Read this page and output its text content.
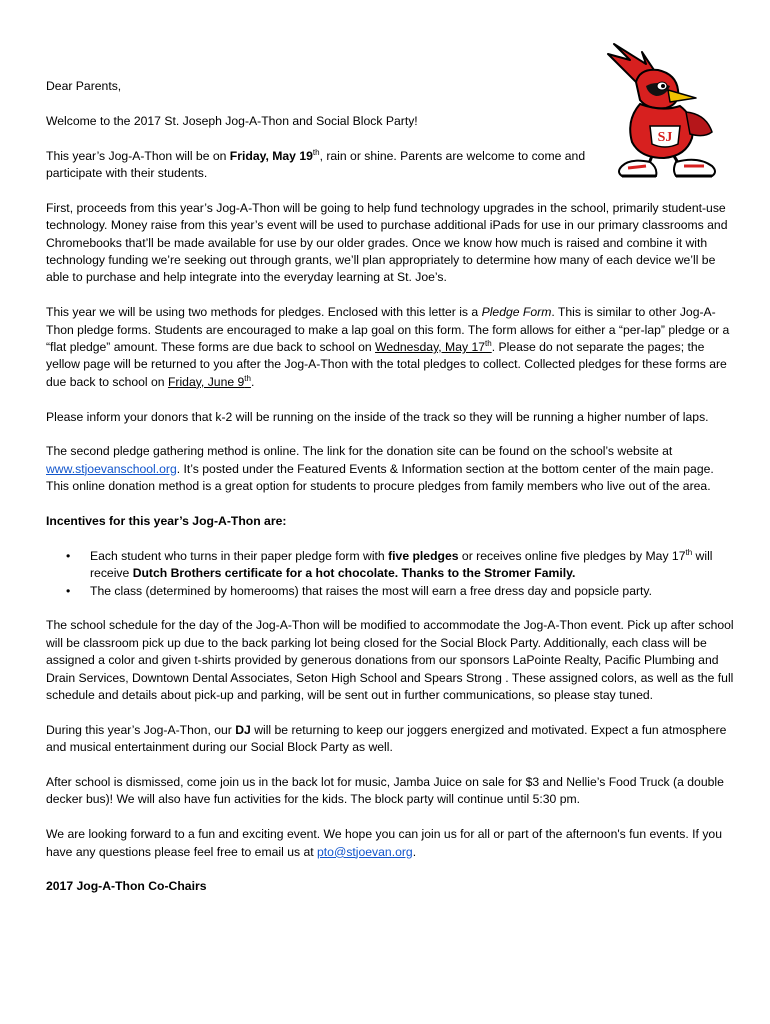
SJ

Dear Parents,

Welcome to the 2017 St. Joseph Jog-A-Thon and Social Block Party!

This year’s Jog-A-Thon will be on Friday, May 19th, rain or shine. Parents are welcome to come and participate with their students.

First, proceeds from this year’s Jog-A-Thon will be going to help fund technology upgrades in the school, primarily student-use technology. Money raise from this year’s event will be used to purchase additional iPads for use in our primary classrooms and Chromebooks that’ll be made available for use by our older grades. Once we know how much is raised and combine it with technology funding we’re seeking out through grants, we’ll plan appropriately to determine how many of each device we’ll be able to purchase and help integrate into the everyday learning at St. Joe’s.

This year we will be using two methods for pledges. Enclosed with this letter is a Pledge Form. This is similar to other Jog-A-Thon pledge forms. Students are encouraged to make a lap goal on this form. The form allows for either a “per-lap” pledge or a “flat pledge” amount. These forms are due back to school on Wednesday, May 17th. Please do not separate the pages; the yellow page will be returned to you after the Jog-A-Thon with the total pledges to collect. Collected pledges for these forms are due back to school on Friday, June 9th.

Please inform your donors that k-2 will be running on the inside of the track so they will be running a higher number of laps.

The second pledge gathering method is online. The link for the donation site can be found on the school’s website at www.stjoevanschool.org. It’s posted under the Featured Events & Information section at the bottom center of the main page. This online donation method is a great option for students to procure pledges from family members who live out of the area.

Incentives for this year’s Jog-A-Thon are:

• Each student who turns in their paper pledge form with five pledges or receives online five pledges by May 17th will receive Dutch Brothers certificate for a hot chocolate. Thanks to the Stromer Family.
• The class (determined by homerooms) that raises the most will earn a free dress day and popsicle party.

The school schedule for the day of the Jog-A-Thon will be modified to accommodate the Jog-A-Thon event. Pick up after school will be classroom pick up due to the back parking lot being closed for the Social Block Party. Additionally, each class will be assigned a color and given t-shirts provided by generous donations from our sponsors LaPointe Realty, Pacific Plumbing and Drain Services, Downtown Dental Associates, Seton High School and Spears Strong . These assigned colors, as well as the full schedule and details about pick-up and parking, will be sent out in further communications, so please stay tuned.

During this year’s Jog-A-Thon, our DJ will be returning to keep our joggers energized and motivated. Expect a fun atmosphere and musical entertainment during our Social Block Party as well.

After school is dismissed, come join us in the back lot for music, Jamba Juice on sale for $3 and Nellie’s Food Truck (a double decker bus)! We will also have fun activities for the kids. The block party will continue until 5:30 pm.

We are looking forward to a fun and exciting event. We hope you can join us for all or part of the afternoon's fun events. If you have any questions please feel free to email us at pto@stjoevan.org.

2017 Jog-A-Thon Co-Chairs
